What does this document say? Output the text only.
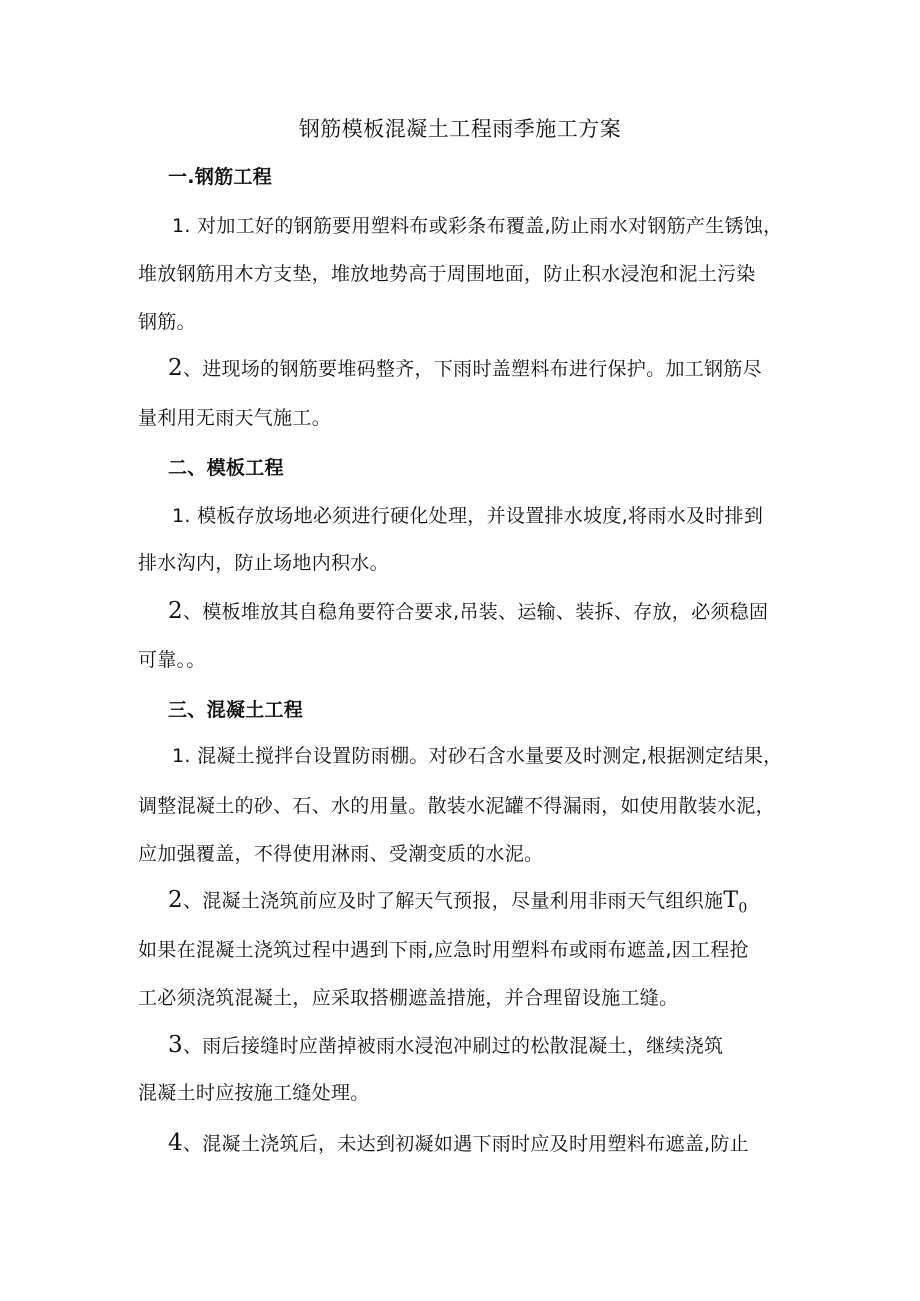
钢筋模板混凝土工程雨季施工方案
一.钢筋工程
1. 对加工好的钢筋要用塑料布或彩条布覆盖,防止雨水对钢筋产生锈蚀，
堆放钢筋用木方支垫，堆放地势高于周围地面，防止积水浸泡和泥土污染
钢筋。
2、进现场的钢筋要堆码整齐，下雨时盖塑料布进行保护。加工钢筋尽
量利用无雨天气施工。
二、模板工程
1. 模板存放场地必须进行硬化处理，并设置排水坡度,将雨水及时排到
排水沟内，防止场地内积水。
2、模板堆放其自稳角要符合要求,吊装、运输、装拆、存放，必须稳固
可靠。。
三、混凝土工程
1. 混凝土搅拌台设置防雨棚。对砂石含水量要及时测定,根据测定结果，
调整混凝土的砂、石、水的用量。散装水泥罐不得漏雨，如使用散装水泥，
应加强覆盖，不得使用淋雨、受潮变质的水泥。
2、混凝土浇筑前应及时了解天气预报，尽量利用非雨天气组织施$T_0$
如果在混凝土浇筑过程中遇到下雨,应急时用塑料布或雨布遮盖,因工程抢
工必须浇筑混凝土，应采取搭棚遮盖措施，并合理留设施工缝。
3、雨后接缝时应凿掉被雨水浸泡冲刷过的松散混凝土，继续浇筑
混凝土时应按施工缝处理。
4、混凝土浇筑后，未达到初凝如遇下雨时应及时用塑料布遮盖,防止
